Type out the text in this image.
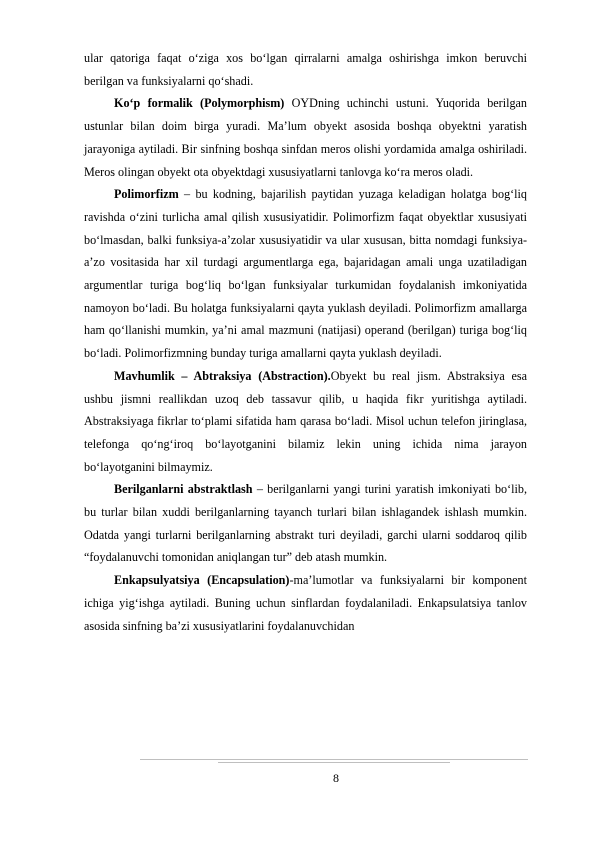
ular qatoriga faqat o‘ziga xos bo‘lgan qirralarni amalga oshirishga imkon beruvchi berilgan va funksiyalarni qo‘shadi.

Ko‘p formalik (Polymorphism) OYDning uchinchi ustuni. Yuqorida berilgan ustunlar bilan doim birga yuradi. Ma’lum obyekt asosida boshqa obyektni yaratish jarayoniga aytiladi. Bir sinfning boshqa sinfdan meros olishi yordamida amalga oshiriladi. Meros olingan obyekt ota obyektdagi xususiyatlarni tanlovga ko‘ra meros oladi.

Polimorfizm – bu kodning, bajarilish paytidan yuzaga keladigan holatga bog‘liq ravishda o‘zini turlicha amal qilish xususiyatidir. Polimorfizm faqat obyektlar xususiyati bo‘lmasdan, balki funksiya-a’zolar xususiyatidir va ular xususan, bitta nomdagi funksiya-a’zo vositasida har xil turdagi argumentlarga ega, bajaridagan amali unga uzatiladigan argumentlar turiga bog‘liq bo‘lgan funksiyalar turkumidan foydalanish imkoniyatida namoyon bo‘ladi. Bu holatga funksiyalarni qayta yuklash deyiladi. Polimorfizm amallarga ham qo‘llanishi mumkin, ya’ni amal mazmuni (natijasi) operand (berilgan) turiga bog‘liq bo‘ladi. Polimorfizmning bunday turiga amallarni qayta yuklash deyiladi.

Mavhumlik – Abtraksiya (Abstraction).Obyekt bu real jism. Abstraksiya esa ushbu jismni reallikdan uzoq deb tassavur qilib, u haqida fikr yuritishga aytiladi. Abstraksiyaga fikrlar to‘plami sifatida ham qarasa bo‘ladi. Misol uchun telefon jiringlasa, telefonga qo‘ng‘iroq bo‘layotganini bilamiz lekin uning ichida nima jarayon bo‘layotganini bilmaymiz.

Berilganlarni abstraktlash – berilganlarni yangi turini yaratish imkoniyati bo‘lib, bu turlar bilan xuddi berilganlarning tayanch turlari bilan ishlagandek ishlash mumkin. Odatda yangi turlarni berilganlarning abstrakt turi deyiladi, garchi ularni soddaroq qilib “foydalanuvchi tomonidan aniqlangan tur” deb atash mumkin.

Enkapsulyatsiya (Encapsulation)-ma’lumotlar va funksiyalarni bir komponent ichiga yig‘ishga aytiladi. Buning uchun sinflardan foydalaniladi. Enkapsulatsiya tanlov asosida sinfning ba’zi xususiyatlarini foydalanuvchidan

8
